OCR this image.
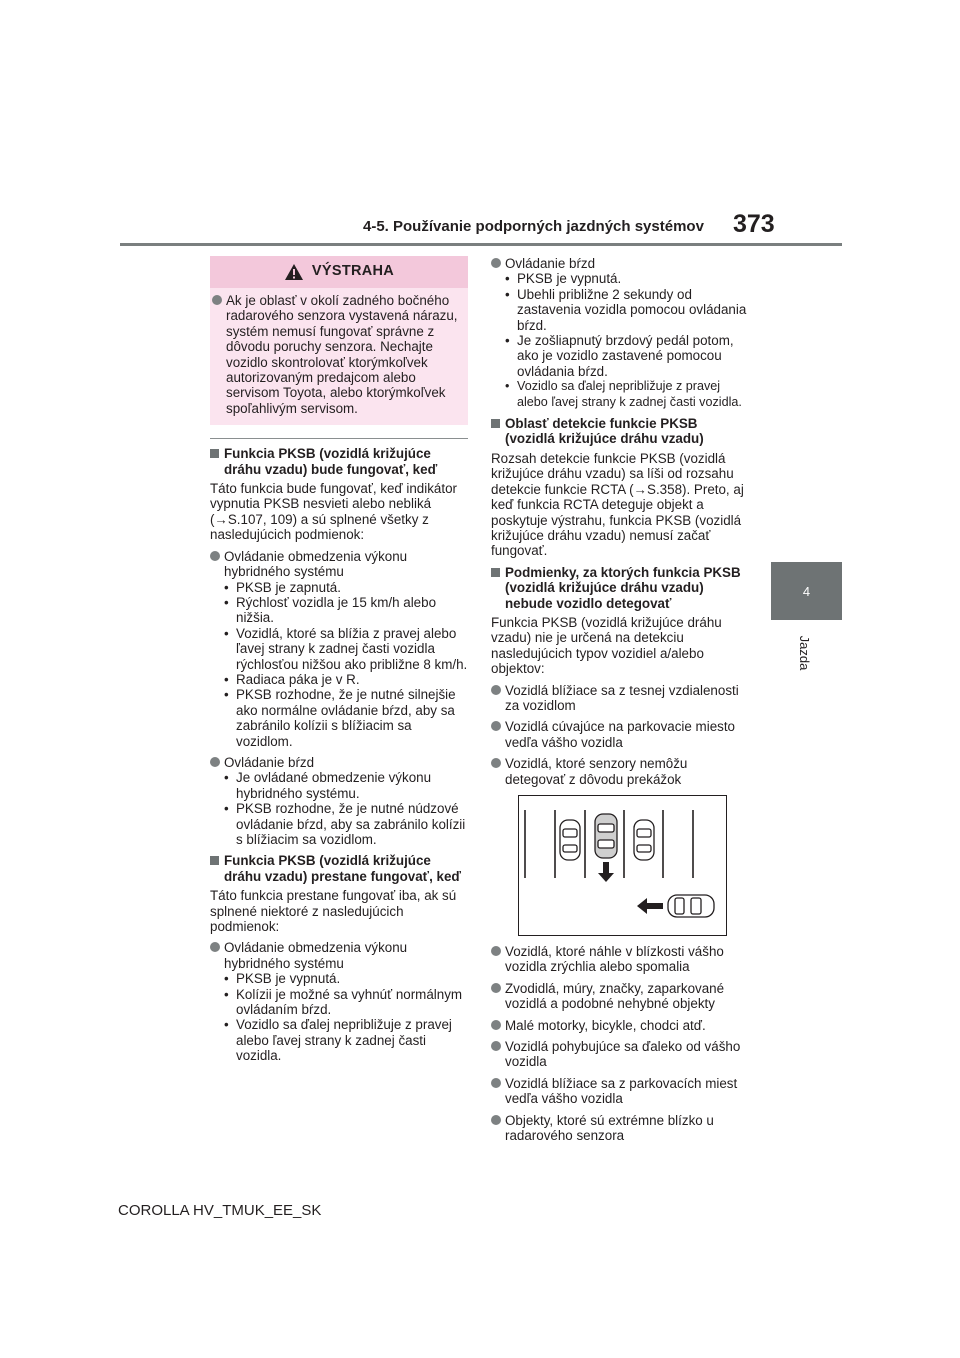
4-5. Používanie podporných jazdných systémov 373
4
Jazda
VÝSTRAHA
Ak je oblasť v okolí zadného bočného radarového senzora vystavená nárazu, systém nemusí fungovať správne z dôvodu poruchy senzora. Nechajte vozidlo skontrolovať ktorýmkoľvek autorizovaným predajcom alebo servisom Toyota, alebo ktorýmkoľvek spoľahlivým servisom.
Funkcia PKSB (vozidlá križujúce dráhu vzadu) bude fungovať, keď
Táto funkcia bude fungovať, keď indikátor vypnutia PKSB nesvieti alebo nebliká (→S.107, 109) a sú splnené všetky z nasledujúcich podmienok:
Ovládanie obmedzenia výkonu hybridného systému
• PKSB je zapnutá.
• Rýchlosť vozidla je 15 km/h alebo nižšia.
• Vozidlá, ktoré sa blížia z pravej alebo ľavej strany k zadnej časti vozidla rýchlosťou nižšou ako približne 8 km/h.
• Radiaca páka je v R.
• PKSB rozhodne, že je nutné silnejšie ako normálne ovládanie bŕzd, aby sa zabránilo kolízii s blížiacim sa vozidlom.
Ovládanie bŕzd
• Je ovládané obmedzenie výkonu hybridného systému.
• PKSB rozhodne, že je nutné núdzové ovládanie bŕzd, aby sa zabránilo kolízii s blížiacim sa vozidlom.
Funkcia PKSB (vozidlá križujúce dráhu vzadu) prestane fungovať, keď
Táto funkcia prestane fungovať iba, ak sú splnené niektoré z nasledujúcich podmienok:
Ovládanie obmedzenia výkonu hybridného systému
• PKSB je vypnutá.
• Kolízii je možné sa vyhnúť normálnym ovládaním bŕzd.
• Vozidlo sa ďalej nepribližuje z pravej alebo ľavej strany k zadnej časti vozidla.
Ovládanie bŕzd
• PKSB je vypnutá.
• Ubehli približne 2 sekundy od zastavenia vozidla pomocou ovládania bŕzd.
• Je zošliapnutý brzdový pedál potom, ako je vozidlo zastavené pomocou ovládania bŕzd.
• Vozidlo sa ďalej nepribližuje z pravej alebo ľavej strany k zadnej časti vozidla.
Oblasť detekcie funkcie PKSB (vozidlá križujúce dráhu vzadu)
Rozsah detekcie funkcie PKSB (vozidlá križujúce dráhu vzadu) sa líši od rozsahu detekcie funkcie RCTA (→S.358). Preto, aj keď funkcia RCTA deteguje objekt a poskytuje výstrahu, funkcia PKSB (vozidlá križujúce dráhu vzadu) nemusí začať fungovať.
Podmienky, za ktorých funkcia PKSB (vozidlá križujúce dráhu vzadu) nebude vozidlo detegovať
Funkcia PKSB (vozidlá križujúce dráhu vzadu) nie je určená na detekciu nasledujúcich typov vozidiel a/alebo objektov:
Vozidlá blížiace sa z tesnej vzdialenosti za vozidlom
Vozidlá cúvajúce na parkovacie miesto vedľa vášho vozidla
Vozidlá, ktoré senzory nemôžu detegovať z dôvodu prekážok
Vozidlá, ktoré náhle v blízkosti vášho vozidla zrýchlia alebo spomalia
Zvodidlá, múry, značky, zaparkované vozidlá a podobné nehybné objekty
Malé motorky, bicykle, chodci atď.
Vozidlá pohybujúce sa ďaleko od vášho vozidla
Vozidlá blížiace sa z parkovacích miest vedľa vášho vozidla
Objekty, ktoré sú extrémne blízko u radarového senzora
COROLLA HV_TMUK_EE_SK
